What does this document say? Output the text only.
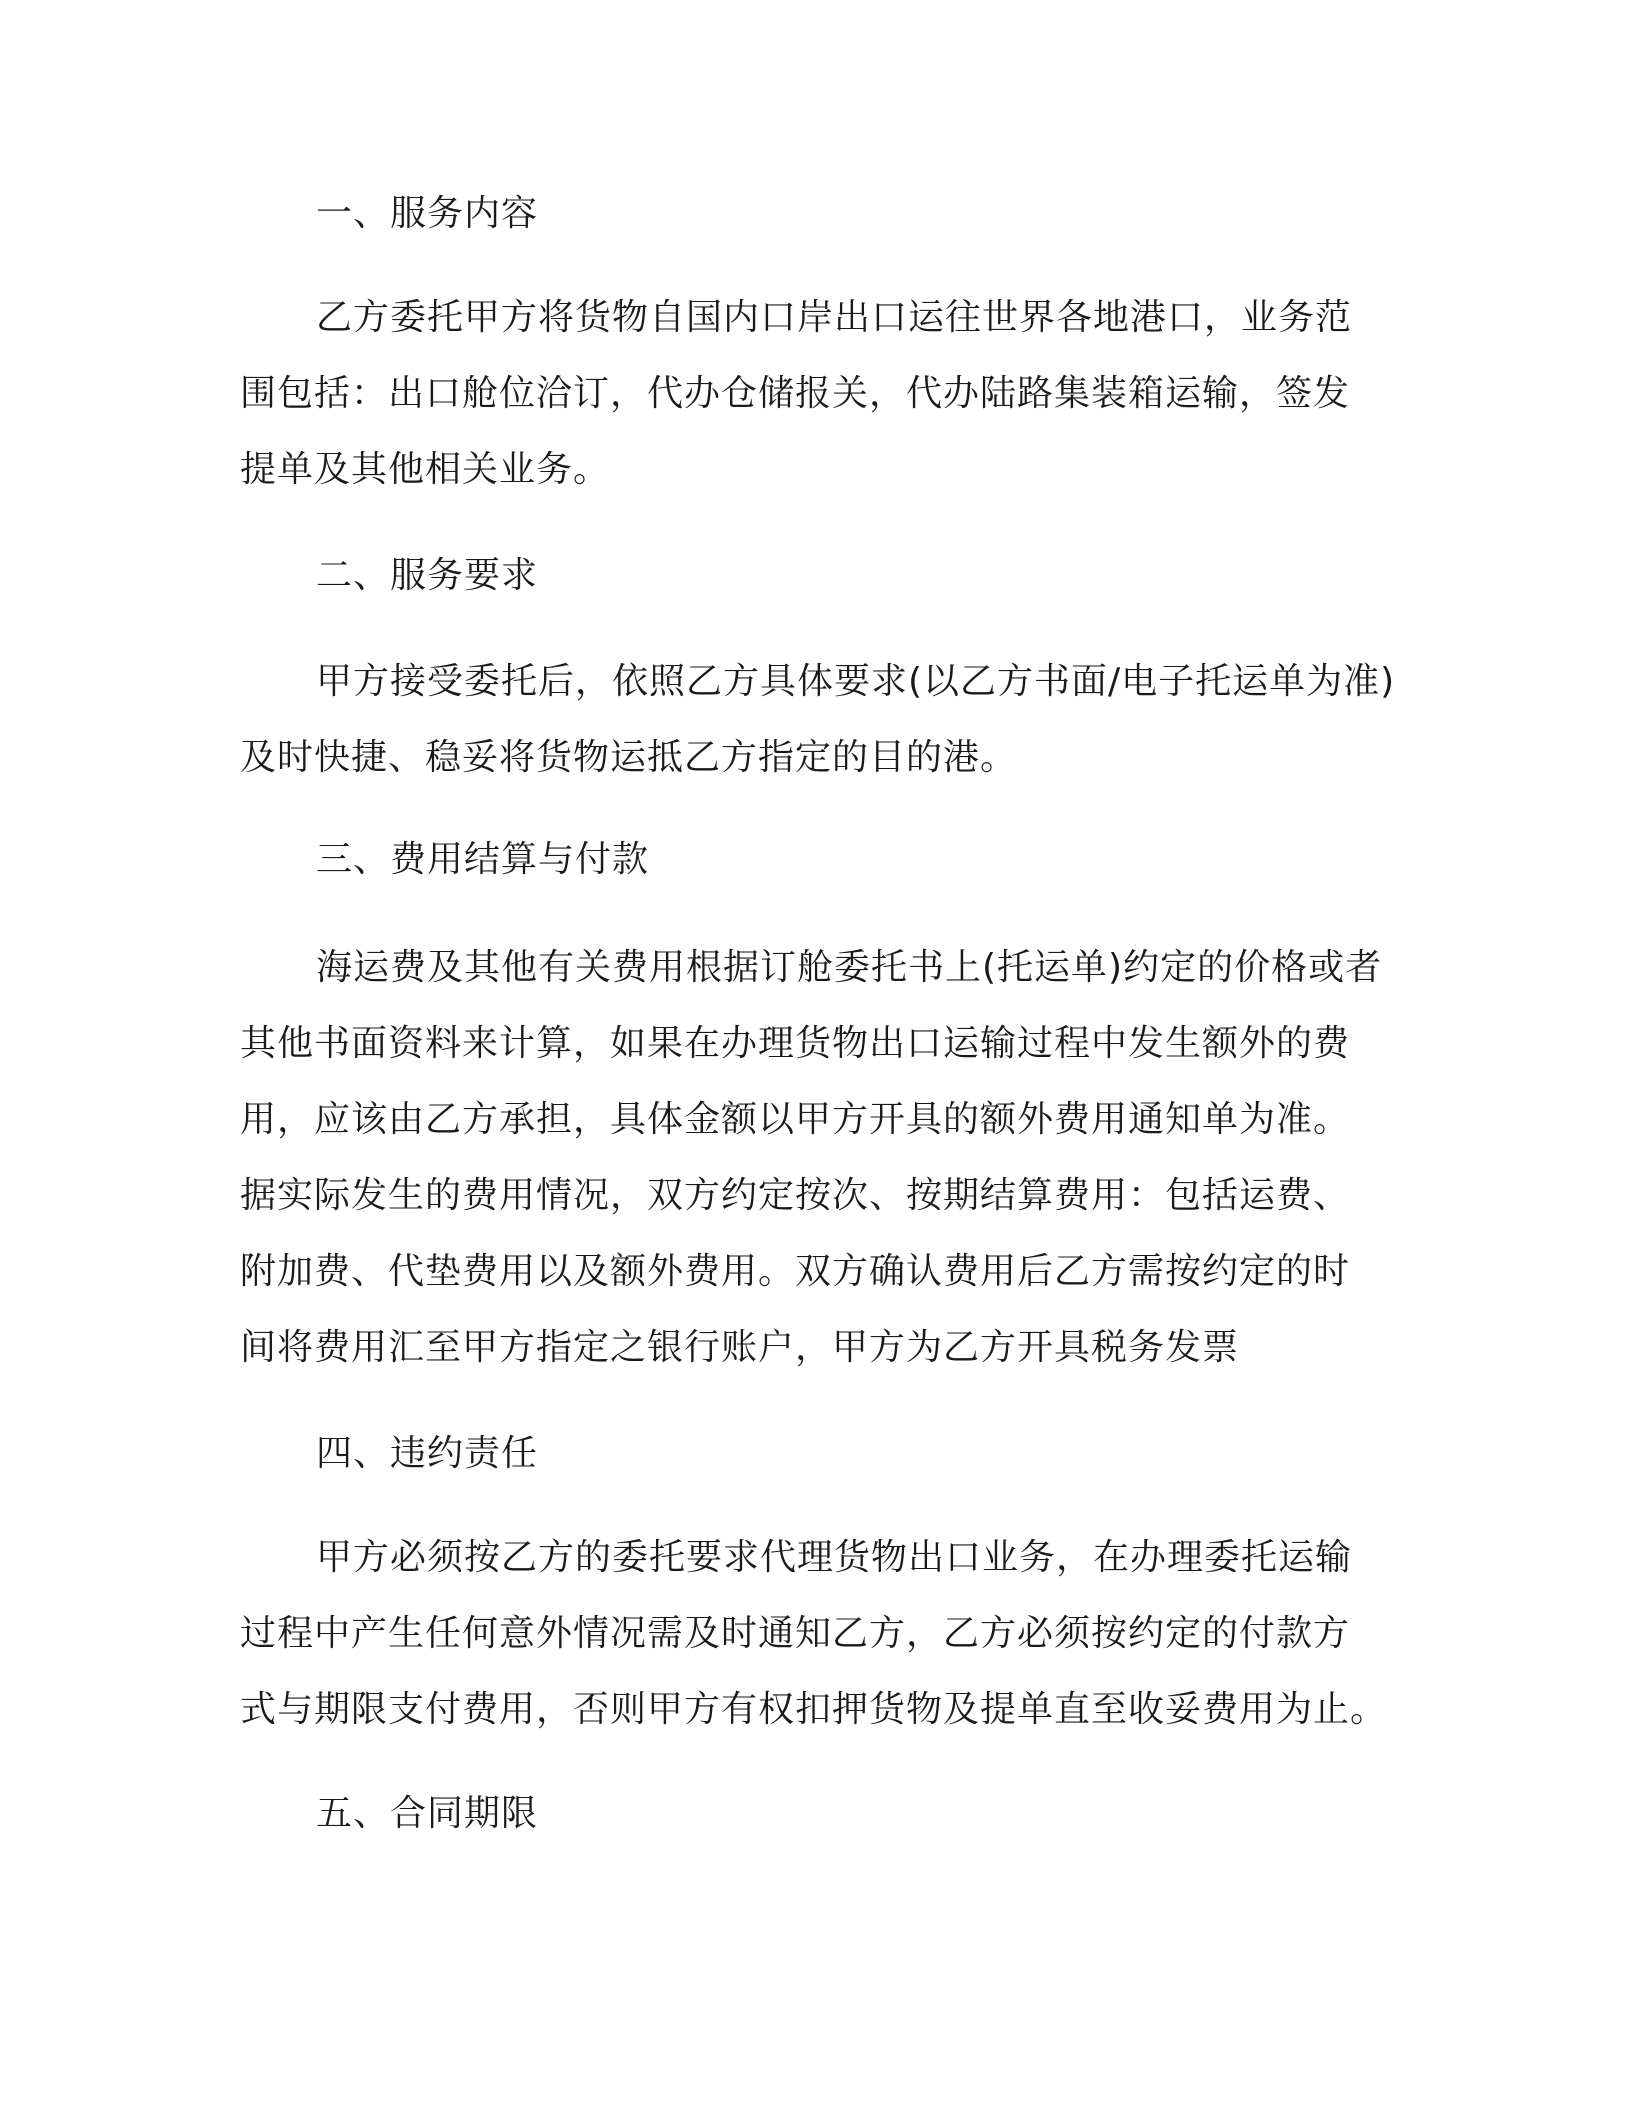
一、服务内容
乙方委托甲方将货物自国内口岸出口运往世界各地港口，业务范
围包括：出口舱位洽订，代办仓储报关，代办陆路集装箱运输，签发
提单及其他相关业务。
二、服务要求
甲方接受委托后，依照乙方具体要求(以乙方书面/电子托运单为准)
及时快捷、稳妥将货物运抵乙方指定的目的港。
三、费用结算与付款
海运费及其他有关费用根据订舱委托书上(托运单)约定的价格或者
其他书面资料来计算，如果在办理货物出口运输过程中发生额外的费
用，应该由乙方承担，具体金额以甲方开具的额外费用通知单为准。
据实际发生的费用情况，双方约定按次、按期结算费用：包括运费、
附加费、代垫费用以及额外费用。双方确认费用后乙方需按约定的时
间将费用汇至甲方指定之银行账户，甲方为乙方开具税务发票
四、违约责任
甲方必须按乙方的委托要求代理货物出口业务，在办理委托运输
过程中产生任何意外情况需及时通知乙方，乙方必须按约定的付款方
式与期限支付费用，否则甲方有权扣押货物及提单直至收妥费用为止。
五、合同期限
